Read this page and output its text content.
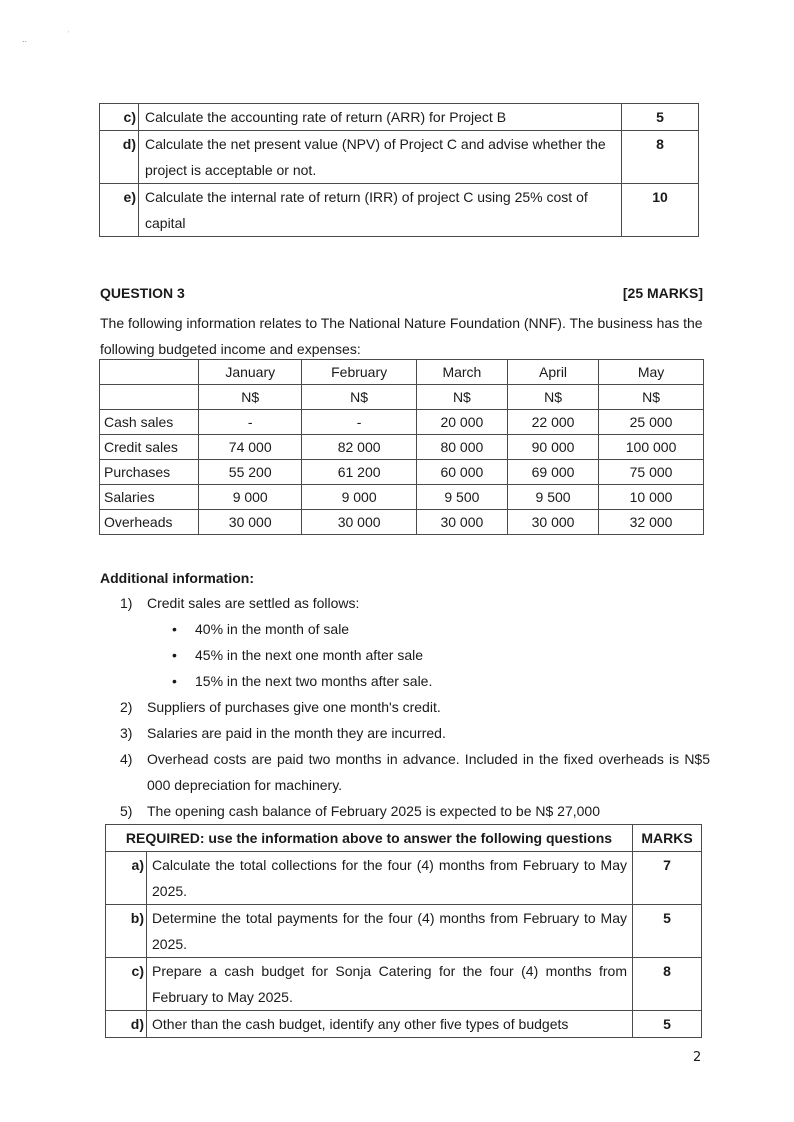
..	'
c)	Calculate the accounting rate of return (ARR) for Project B	5
d)	Calculate the net present value (NPV) of Project C and advise whether the project is acceptable or not.	8
e)	Calculate the internal rate of return (IRR) of project C using 25% cost of capital	10
QUESTION 3	[25 MARKS]
The following information relates to The National Nature Foundation (NNF). The business has the following budgeted income and expenses:
	January	February	March	April	May
	N$	N$	N$	N$	N$
Cash sales	-	-	20 000	22 000	25 000
Credit sales	74 000	82 000	80 000	90 000	100 000
Purchases	55 200	61 200	60 000	69 000	75 000
Salaries	9 000	9 000	9 500	9 500	10 000
Overheads	30 000	30 000	30 000	30 000	32 000
Additional information:
1) Credit sales are settled as follows:
• 40% in the month of sale
• 45% in the next one month after sale
• 15% in the next two months after sale.
2) Suppliers of purchases give one month's credit.
3) Salaries are paid in the month they are incurred.
4) Overhead costs are paid two months in advance. Included in the fixed overheads is N$5 000 depreciation for machinery.
5) The opening cash balance of February 2025 is expected to be N$ 27,000
REQUIRED: use the information above to answer the following questions		MARKS
a)	Calculate the total collections for the four (4) months from February to May 2025.	7
b)	Determine the total payments for the four (4) months from February to May 2025.	5
c)	Prepare a cash budget for Sonja Catering for the four (4) months from February to May 2025.	8
d)	Other than the cash budget, identify any other five types of budgets	5
2
